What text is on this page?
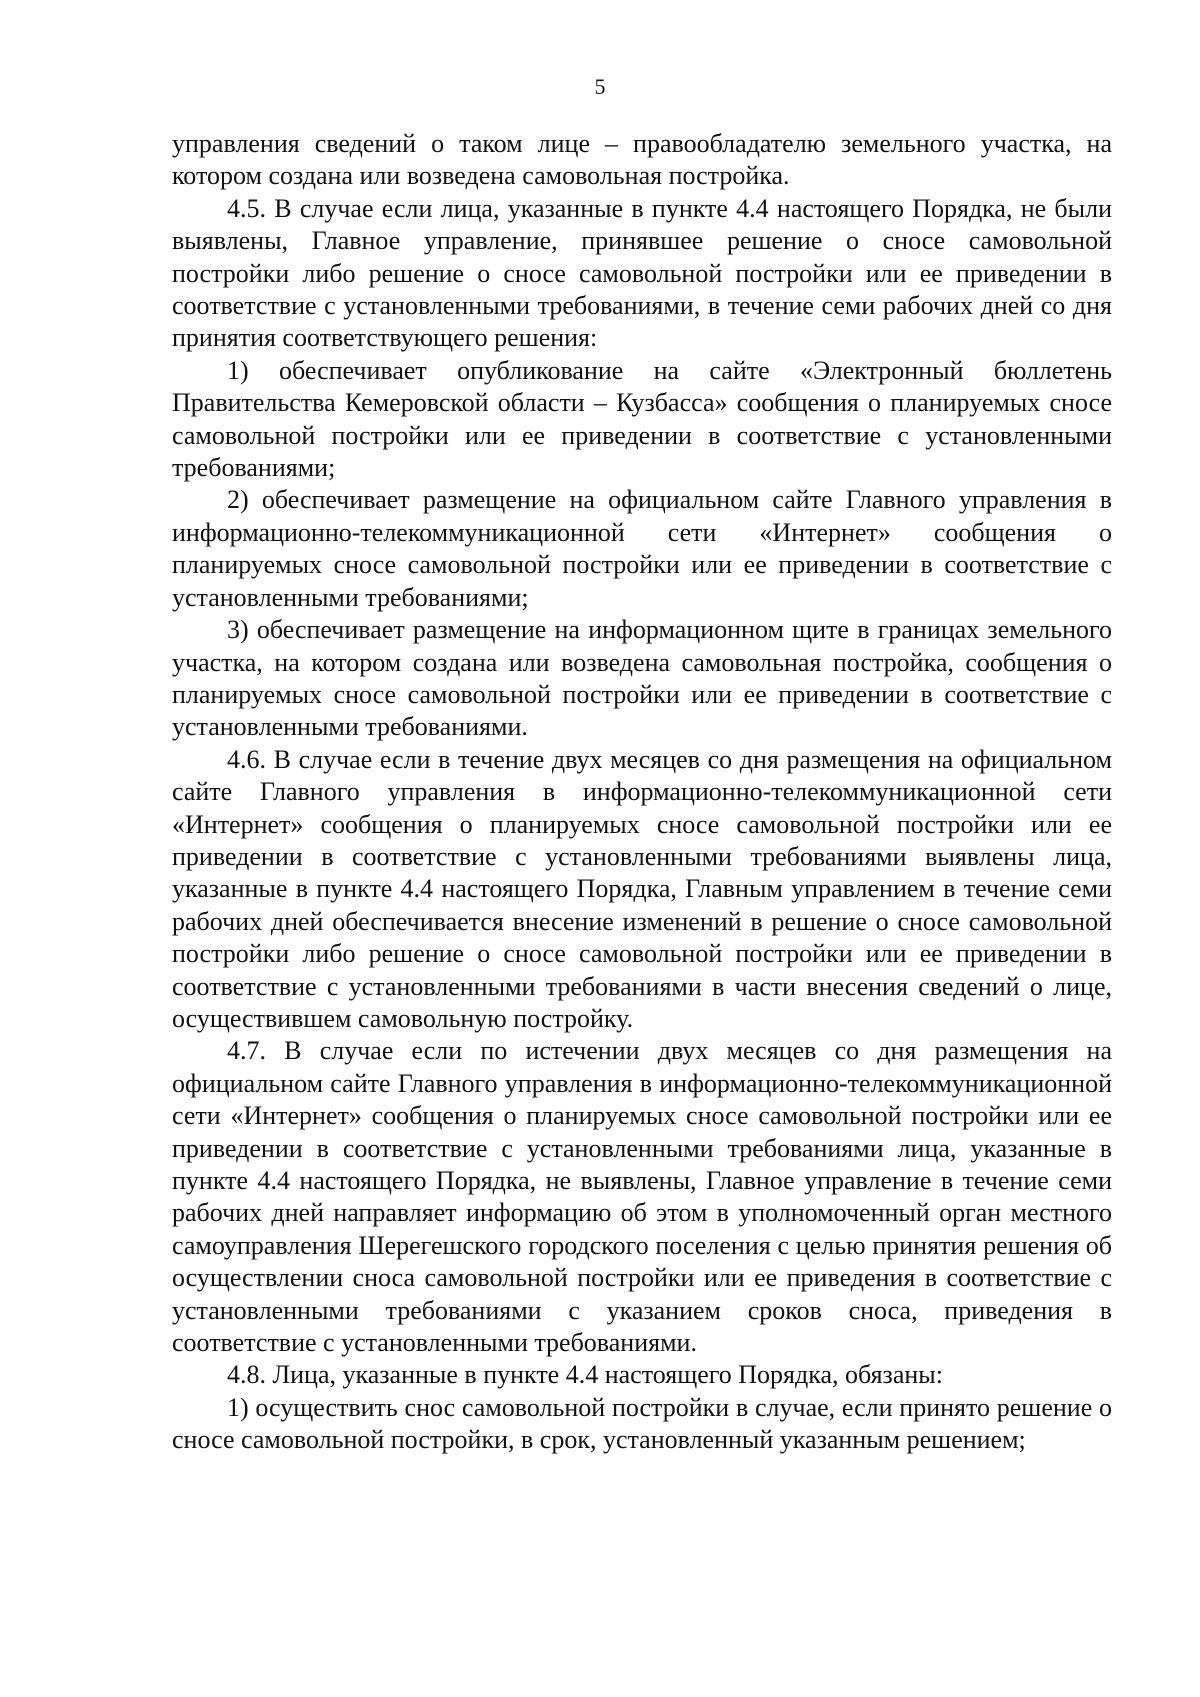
5

управления сведений о таком лице – правообладателю земельного участка, на котором создана или возведена самовольная постройка.

4.5. В случае если лица, указанные в пункте 4.4 настоящего Порядка, не были выявлены, Главное управление, принявшее решение о сносе самовольной постройки либо решение о сносе самовольной постройки или ее приведении в соответствие с установленными требованиями, в течение семи рабочих дней со дня принятия соответствующего решения:

1) обеспечивает опубликование на сайте «Электронный бюллетень Правительства Кемеровской области – Кузбасса» сообщения о планируемых сносе самовольной постройки или ее приведении в соответствие с установленными требованиями;

2) обеспечивает размещение на официальном сайте Главного управления в информационно-телекоммуникационной сети «Интернет» сообщения о планируемых сносе самовольной постройки или ее приведении в соответствие с установленными требованиями;

3) обеспечивает размещение на информационном щите в границах земельного участка, на котором создана или возведена самовольная постройка, сообщения о планируемых сносе самовольной постройки или ее приведении в соответствие с установленными требованиями.

4.6. В случае если в течение двух месяцев со дня размещения на официальном сайте Главного управления в информационно-телекоммуникационной сети «Интернет» сообщения о планируемых сносе самовольной постройки или ее приведении в соответствие с установленными требованиями выявлены лица, указанные в пункте 4.4 настоящего Порядка, Главным управлением в течение семи рабочих дней обеспечивается внесение изменений в решение о сносе самовольной постройки либо решение о сносе самовольной постройки или ее приведении в соответствие с установленными требованиями в части внесения сведений о лице, осуществившем самовольную постройку.

4.7. В случае если по истечении двух месяцев со дня размещения на официальном сайте Главного управления в информационно-телекоммуникационной сети «Интернет» сообщения о планируемых сносе самовольной постройки или ее приведении в соответствие с установленными требованиями лица, указанные в пункте 4.4 настоящего Порядка, не выявлены, Главное управление в течение семи рабочих дней направляет информацию об этом в уполномоченный орган местного самоуправления Шерегешского городского поселения с целью принятия решения об осуществлении сноса самовольной постройки или ее приведения в соответствие с установленными требованиями с указанием сроков сноса, приведения в соответствие с установленными требованиями.

4.8. Лица, указанные в пункте 4.4 настоящего Порядка, обязаны:

1) осуществить снос самовольной постройки в случае, если принято решение о сносе самовольной постройки, в срок, установленный указанным решением;
